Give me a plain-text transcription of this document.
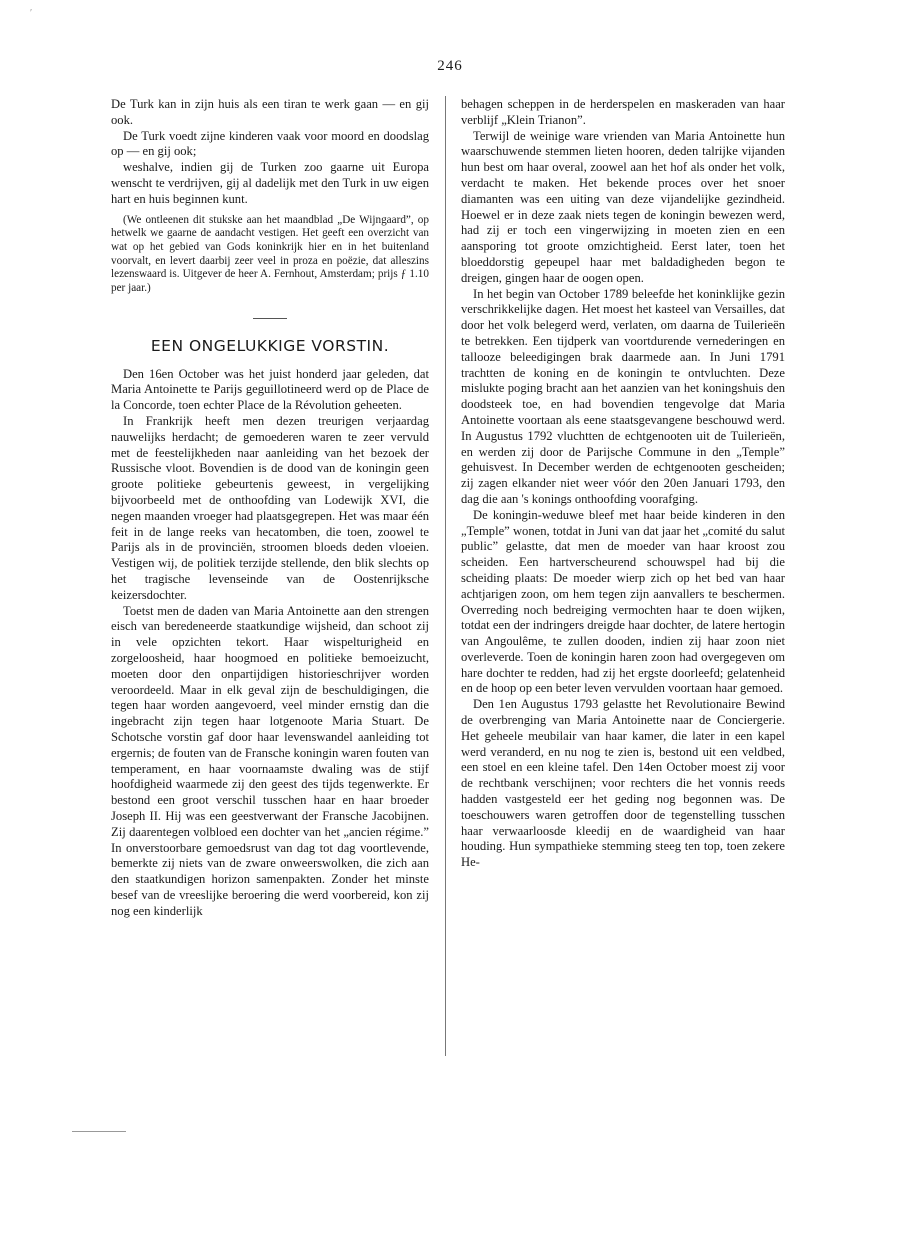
′
246

De Turk kan in zijn huis als een tiran te werk gaan — en gij ook.

De Turk voedt zijne kinderen vaak voor moord en doodslag op — en gij ook;

weshalve, indien gij de Turken zoo gaarne uit Europa wenscht te verdrijven, gij al dadelijk met den Turk in uw eigen hart en huis beginnen kunt.

(We ontleenen dit stukske aan het maandblad „De Wijngaard”, op hetwelk we gaarne de aandacht vestigen. Het geeft een overzicht van wat op het gebied van Gods koninkrijk hier en in het buitenland voorvalt, en levert daarbij zeer veel in proza en poëzie, dat alleszins lezenswaard is. Uitgever de heer A. Fernhout, Amsterdam; prijs ƒ 1.10 per jaar.)

EEN ONGELUKKIGE VORSTIN.

Den 16en October was het juist honderd jaar geleden, dat Maria Antoinette te Parijs geguillotineerd werd op de Place de la Concorde, toen echter Place de la Révolution geheeten.

In Frankrijk heeft men dezen treurigen verjaardag nauwelijks herdacht; de gemoederen waren te zeer vervuld met de feestelijkheden naar aanleiding van het bezoek der Russische vloot. Bovendien is de dood van de koningin geen groote politieke gebeurtenis geweest, in vergelijking bijvoorbeeld met de onthoofding van Lodewijk XVI, die negen maanden vroeger had plaatsgegrepen. Het was maar één feit in de lange reeks van hecatomben, die toen, zoowel te Parijs als in de provinciën, stroomen bloeds deden vloeien. Vestigen wij, de politiek terzijde stellende, den blik slechts op het tragische levenseinde van de Oostenrijksche keizersdochter.

Toetst men de daden van Maria Antoinette aan den strengen eisch van beredeneerde staatkundige wijsheid, dan schoot zij in vele opzichten tekort. Haar wispelturigheid en zorgeloosheid, haar hoogmoed en politieke bemoeizucht, moeten door den onpartijdigen historieschrijver worden veroordeeld. Maar in elk geval zijn de beschuldigingen, die tegen haar worden aangevoerd, veel minder ernstig dan die ingebracht zijn tegen haar lotgenoote Maria Stuart. De Schotsche vorstin gaf door haar levenswandel aanleiding tot ergernis; de fouten van de Fransche koningin waren fouten van temperament, en haar voornaamste dwaling was de stijf hoofdigheid waarmede zij den geest des tijds tegenwerkte. Er bestond een groot verschil tusschen haar en haar broeder Joseph II. Hij was een geestverwant der Fransche Jacobijnen. Zij daarentegen volbloed een dochter van het „ancien régime.” In onverstoorbare gemoedsrust van dag tot dag voortlevende, bemerkte zij niets van de zware onweerswolken, die zich aan den staatkundigen horizon samenpakten. Zonder het minste besef van de vreeslijke beroering die werd voorbereid, kon zij nog een kinderlijk

behagen scheppen in de herderspelen en maskeraden van haar verblijf „Klein Trianon”.

Terwijl de weinige ware vrienden van Maria Antoinette hun waarschuwende stemmen lieten hooren, deden talrijke vijanden hun best om haar overal, zoowel aan het hof als onder het volk, verdacht te maken. Het bekende proces over het snoer diamanten was een uiting van deze vijandelijke gezindheid. Hoewel er in deze zaak niets tegen de koningin bewezen werd, had zij er toch een vingerwijzing in moeten zien en een aansporing tot groote omzichtigheid. Eerst later, toen het bloeddorstig gepeupel haar met baldadigheden begon te dreigen, gingen haar de oogen open.

In het begin van October 1789 beleefde het koninklijke gezin verschrikkelijke dagen. Het moest het kasteel van Versailles, dat door het volk belegerd werd, verlaten, om daarna de Tuilerieën te betrekken. Een tijdperk van voortdurende vernederingen en tallooze beleedigingen brak daarmede aan. In Juni 1791 trachtten de koning en de koningin te ontvluchten. Deze mislukte poging bracht aan het aanzien van het koningshuis den doodsteek toe, en had bovendien tengevolge dat Maria Antoinette voortaan als eene staatsgevangene beschouwd werd. In Augustus 1792 vluchtten de echtgenooten uit de Tuilerieën, en werden zij door de Parijsche Commune in den „Temple” gehuisvest. In December werden de echtgenooten gescheiden; zij zagen elkander niet weer vóór den 20en Januari 1793, den dag die aan 's konings onthoofding voorafging.

De koningin-weduwe bleef met haar beide kinderen in den „Temple” wonen, totdat in Juni van dat jaar het „comité du salut public” gelastte, dat men de moeder van haar kroost zou scheiden. Een hartverscheurend schouwspel had bij die scheiding plaats: De moeder wierp zich op het bed van haar achtjarigen zoon, om hem tegen zijn aanvallers te beschermen. Overreding noch bedreiging vermochten haar te doen wijken, totdat een der indringers dreigde haar dochter, de latere hertogin van Angoulême, te zullen dooden, indien zij haar zoon niet overleverde. Toen de koningin haren zoon had overgegeven om hare dochter te redden, had zij het ergste doorleefd; gelatenheid en de hoop op een beter leven vervulden voortaan haar gemoed.

Den 1en Augustus 1793 gelastte het Revolutionaire Bewind de overbrenging van Maria Antoinette naar de Conciergerie. Het geheele meubilair van haar kamer, die later in een kapel werd veranderd, en nu nog te zien is, bestond uit een veldbed, een stoel en een kleine tafel. Den 14en October moest zij voor de rechtbank verschijnen; voor rechters die het vonnis reeds hadden vastgesteld eer het geding nog begonnen was. De toeschouwers waren getroffen door de tegenstelling tusschen haar verwaarloosde kleedij en de waardigheid van haar houding. Hun sympathieke stemming steeg ten top, toen zekere He-
